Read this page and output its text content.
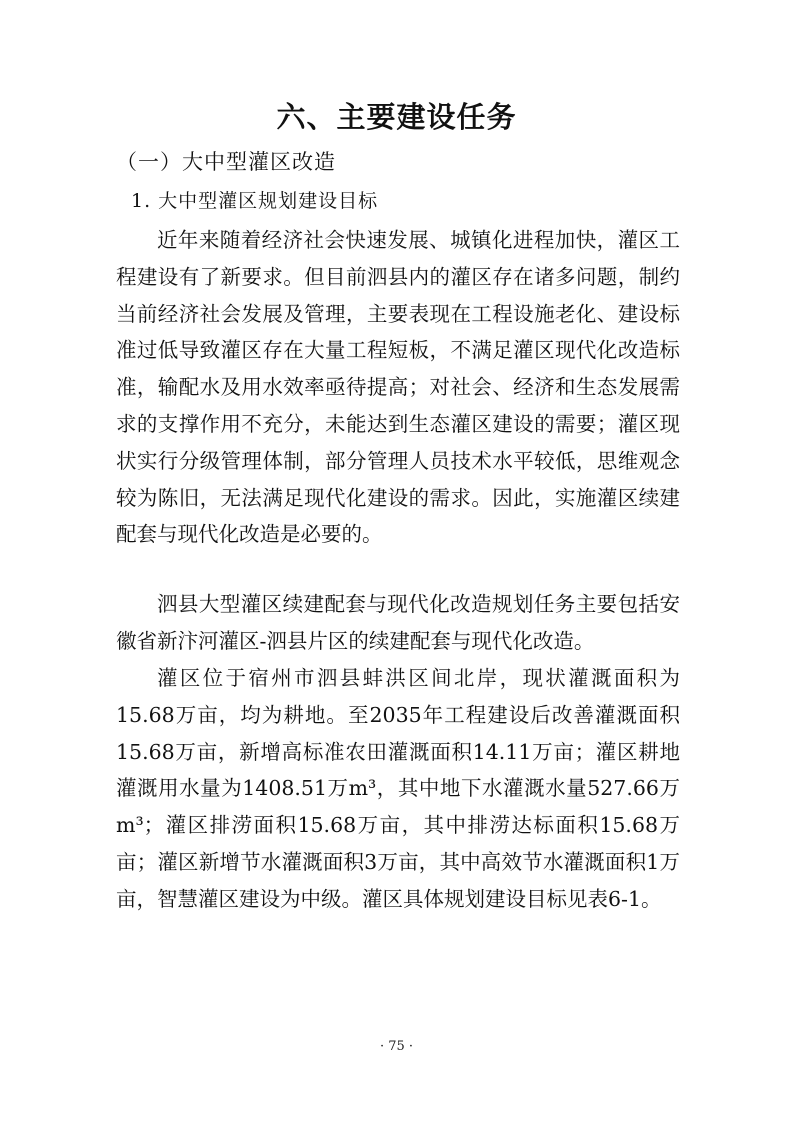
六、主要建设任务
（一）大中型灌区改造
1. 大中型灌区规划建设目标

近年来随着经济社会快速发展、城镇化进程加快，灌区工程建设有了新要求。但目前泗县内的灌区存在诸多问题，制约当前经济社会发展及管理，主要表现在工程设施老化、建设标准过低导致灌区存在大量工程短板，不满足灌区现代化改造标准，输配水及用水效率亟待提高；对社会、经济和生态发展需求的支撑作用不充分，未能达到生态灌区建设的需要；灌区现状实行分级管理体制，部分管理人员技术水平较低，思维观念较为陈旧，无法满足现代化建设的需求。因此，实施灌区续建配套与现代化改造是必要的。

泗县大型灌区续建配套与现代化改造规划任务主要包括安徽省新汴河灌区-泗县片区的续建配套与现代化改造。

灌区位于宿州市泗县蚌洪区间北岸，现状灌溉面积为15.68万亩，均为耕地。至2035年工程建设后改善灌溉面积15.68万亩，新增高标准农田灌溉面积14.11万亩；灌区耕地灌溉用水量为1408.51万m³，其中地下水灌溉水量527.66万m³；灌区排涝面积15.68万亩，其中排涝达标面积15.68万亩；灌区新增节水灌溉面积3万亩，其中高效节水灌溉面积1万亩，智慧灌区建设为中级。灌区具体规划建设目标见表6-1。

· 75 ·
